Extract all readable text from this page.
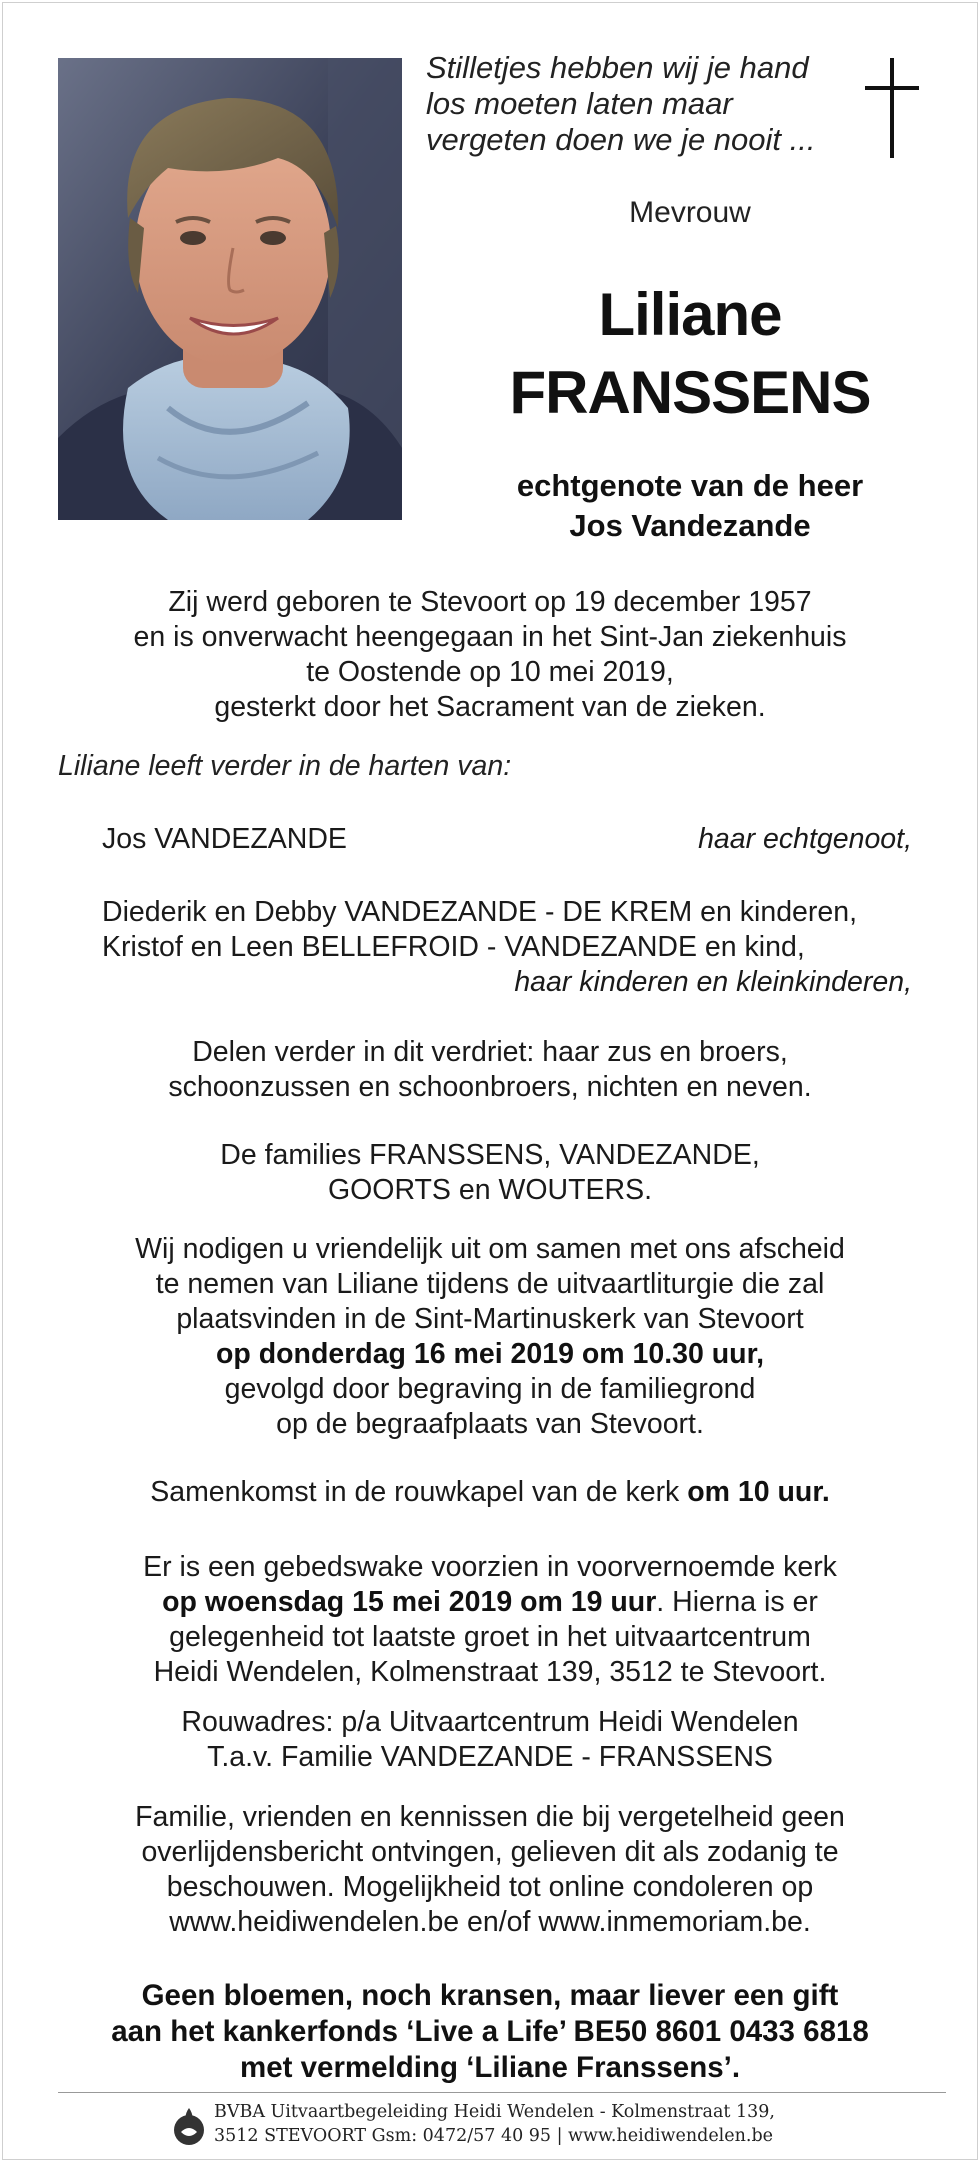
Stilletjes hebben wij je hand
los moeten laten maar
vergeten doen we je nooit ...
Mevrouw
Liliane
FRANSSENS
echtgenote van de heer
Jos Vandezande
Zij werd geboren te Stevoort op 19 december 1957
en is onverwacht heengegaan in het Sint-Jan ziekenhuis
te Oostende op 10 mei 2019,
gesterkt door het Sacrament van de zieken.
Liliane leeft verder in de harten van:
Jos VANDEZANDE	haar echtgenoot,
Diederik en Debby VANDEZANDE - DE KREM en kinderen,
Kristof en Leen BELLEFROID - VANDEZANDE en kind,
haar kinderen en kleinkinderen,
Delen verder in dit verdriet: haar zus en broers,
schoonzussen en schoonbroers, nichten en neven.
De families FRANSSENS, VANDEZANDE,
GOORTS en WOUTERS.
Wij nodigen u vriendelijk uit om samen met ons afscheid
te nemen van Liliane tijdens de uitvaartliturgie die zal
plaatsvinden in de Sint-Martinuskerk van Stevoort
op donderdag 16 mei 2019 om 10.30 uur,
gevolgd door begraving in de familiegrond
op de begraafplaats van Stevoort.
Samenkomst in de rouwkapel van de kerk om 10 uur.
Er is een gebedswake voorzien in voorvernoemde kerk
op woensdag 15 mei 2019 om 19 uur. Hierna is er
gelegenheid tot laatste groet in het uitvaartcentrum
Heidi Wendelen, Kolmenstraat 139, 3512 te Stevoort.
Rouwadres: p/a Uitvaartcentrum Heidi Wendelen
T.a.v. Familie VANDEZANDE - FRANSSENS
Familie, vrienden en kennissen die bij vergetelheid geen
overlijdensbericht ontvingen, gelieven dit als zodanig te
beschouwen. Mogelijkheid tot online condoleren op
www.heidiwendelen.be en/of www.inmemoriam.be.
Geen bloemen, noch kransen, maar liever een gift
aan het kankerfonds ‘Live a Life’ BE50 8601 0433 6818
met vermelding ‘Liliane Franssens’.
BVBA Uitvaartbegeleiding Heidi Wendelen - Kolmenstraat 139,
3512 STEVOORT Gsm: 0472/57 40 95 | www.heidiwendelen.be
